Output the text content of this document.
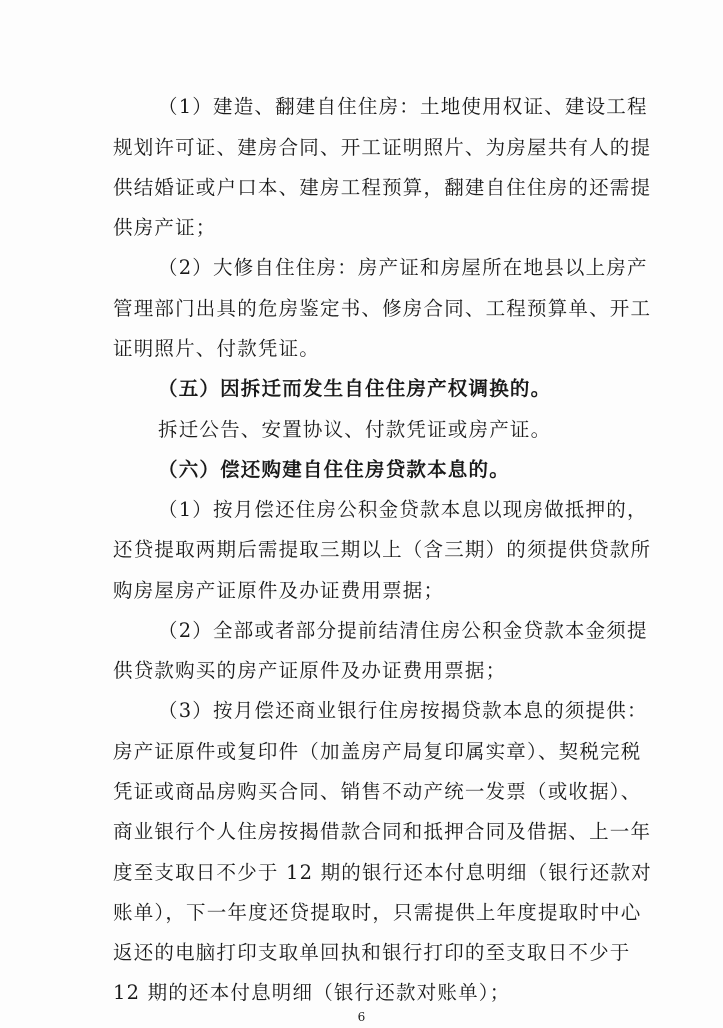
（1）建造、翻建自住住房：土地使用权证、建设工程
规划许可证、建房合同、开工证明照片、为房屋共有人的提
供结婚证或户口本、建房工程预算，翻建自住住房的还需提
供房产证；
（2）大修自住住房：房产证和房屋所在地县以上房产
管理部门出具的危房鉴定书、修房合同、工程预算单、开工
证明照片、付款凭证。
（五）因拆迁而发生自住住房产权调换的。
拆迁公告、安置协议、付款凭证或房产证。
（六）偿还购建自住住房贷款本息的。
（1）按月偿还住房公积金贷款本息以现房做抵押的，
还贷提取两期后需提取三期以上（含三期）的须提供贷款所
购房屋房产证原件及办证费用票据；
（2）全部或者部分提前结清住房公积金贷款本金须提
供贷款购买的房产证原件及办证费用票据；
（3）按月偿还商业银行住房按揭贷款本息的须提供：
房产证原件或复印件（加盖房产局复印属实章）、契税完税
凭证或商品房购买合同、销售不动产统一发票（或收据）、
商业银行个人住房按揭借款合同和抵押合同及借据、上一年
度至支取日不少于 12 期的银行还本付息明细（银行还款对
账单），下一年度还贷提取时，只需提供上年度提取时中心
返还的电脑打印支取单回执和银行打印的至支取日不少于
12 期的还本付息明细（银行还款对账单）；
6
